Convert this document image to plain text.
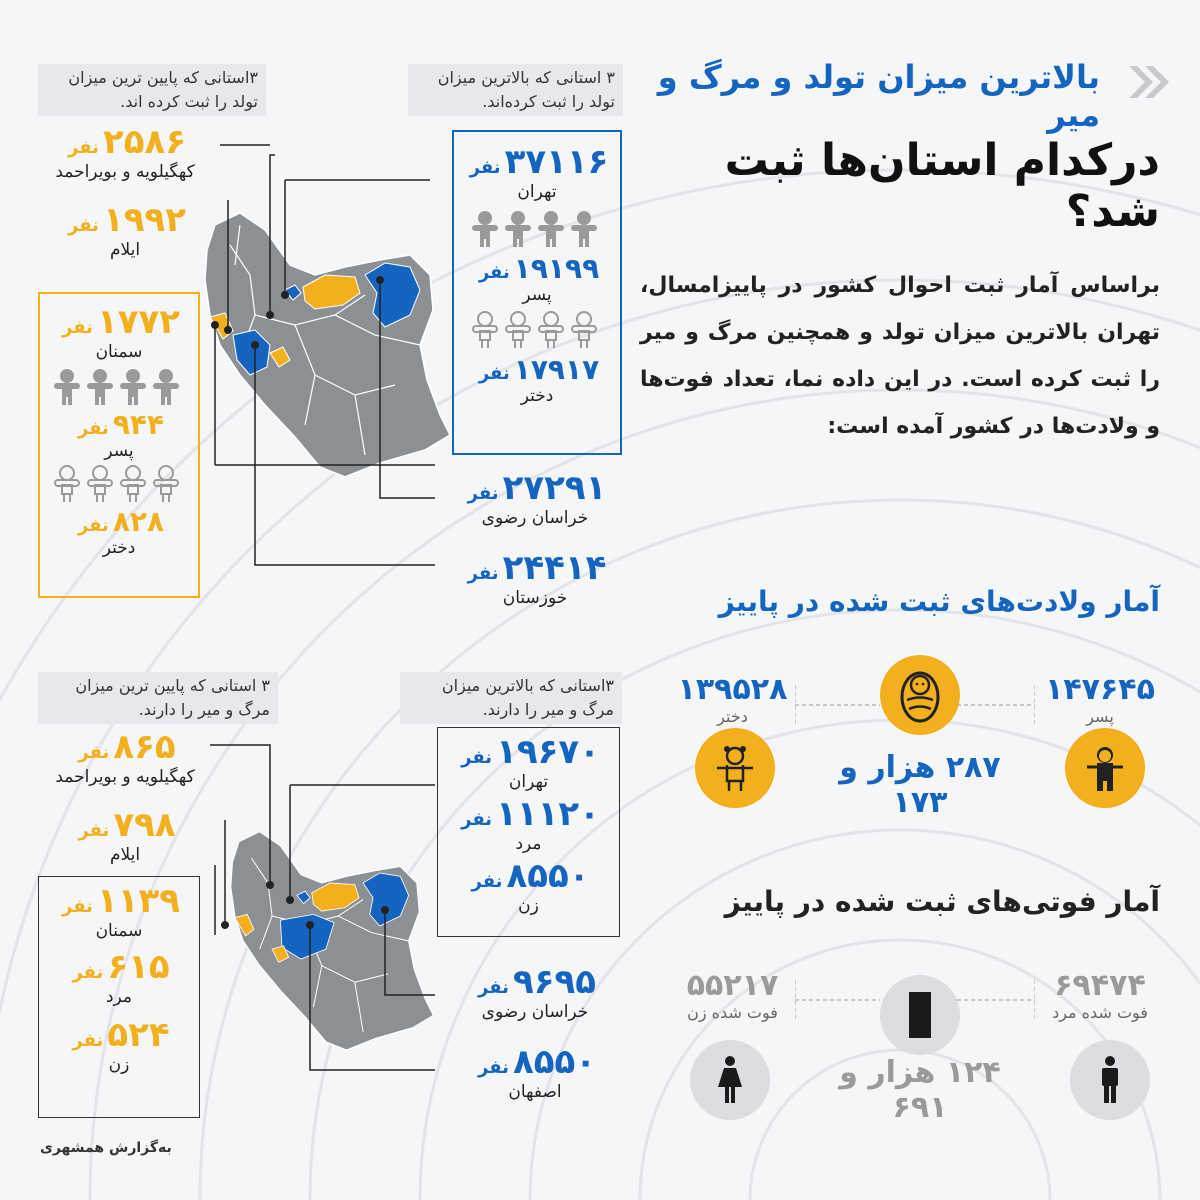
بالاترین میزان تولد و مرگ و میر
درکدام استان‌ها ثبت شد؟
براساس آمار ثبت احوال کشور در پاییزامسال، تهران بالاترین میزان تولد و همچنین مرگ و میر را ثبت کرده است. در این داده نما، تعداد فوت‌ها و ولادت‌ها در کشور آمده است:
۳ استانی که بالاترین میزان تولد را ثبت کرده‌اند.
۳استانی که پایین ترین میزان تولد را ثبت کرده اند.
۳۷۱۱۶
نفر
تهران
۱۹۱۹۹
نفر
پسر
۱۷۹۱۷
نفر
دختر
۲۷۲۹۱
نفر
خراسان رضوی
۲۴۴۱۴
نفر
خوزستان
۲۵۸۶
نفر
کهگیلویه و بویراحمد
۱۹۹۲
نفر
ایلام
۱۷۷۲
نفر
سمنان
۹۴۴
نفر
پسر
۸۲۸
نفر
دختر
۳استانی که بالاترین میزان مرگ و میر را دارند.
۳ استانی که پایین ترین میزان مرگ و میر را دارند.
۱۹۶۷۰
نفر
تهران
۱۱۱۲۰
نفر
مرد
۸۵۵۰
نفر
زن
۹۶۹۵
نفر
خراسان رضوی
۸۵۵۰
نفر
اصفهان
۸۶۵
نفر
کهگیلویه و بویراحمد
۷۹۸
نفر
ایلام
۱۱۳۹
نفر
سمنان
۶۱۵
نفر
مرد
۵۲۴
نفر
زن
به‌گزارش همشهری
آمار ولادت‌های ثبت شده در پاییز
۱۳۹۵۲۸
دختر
۱۴۷۶۴۵
پسر
۲۸۷ هزار و ۱۷۳
آمار فوتی‌های ثبت شده در پاییز
۵۵۲۱۷
فوت شده زن
۶۹۴۷۴
فوت شده مرد
۱۲۴ هزار و ۶۹۱
